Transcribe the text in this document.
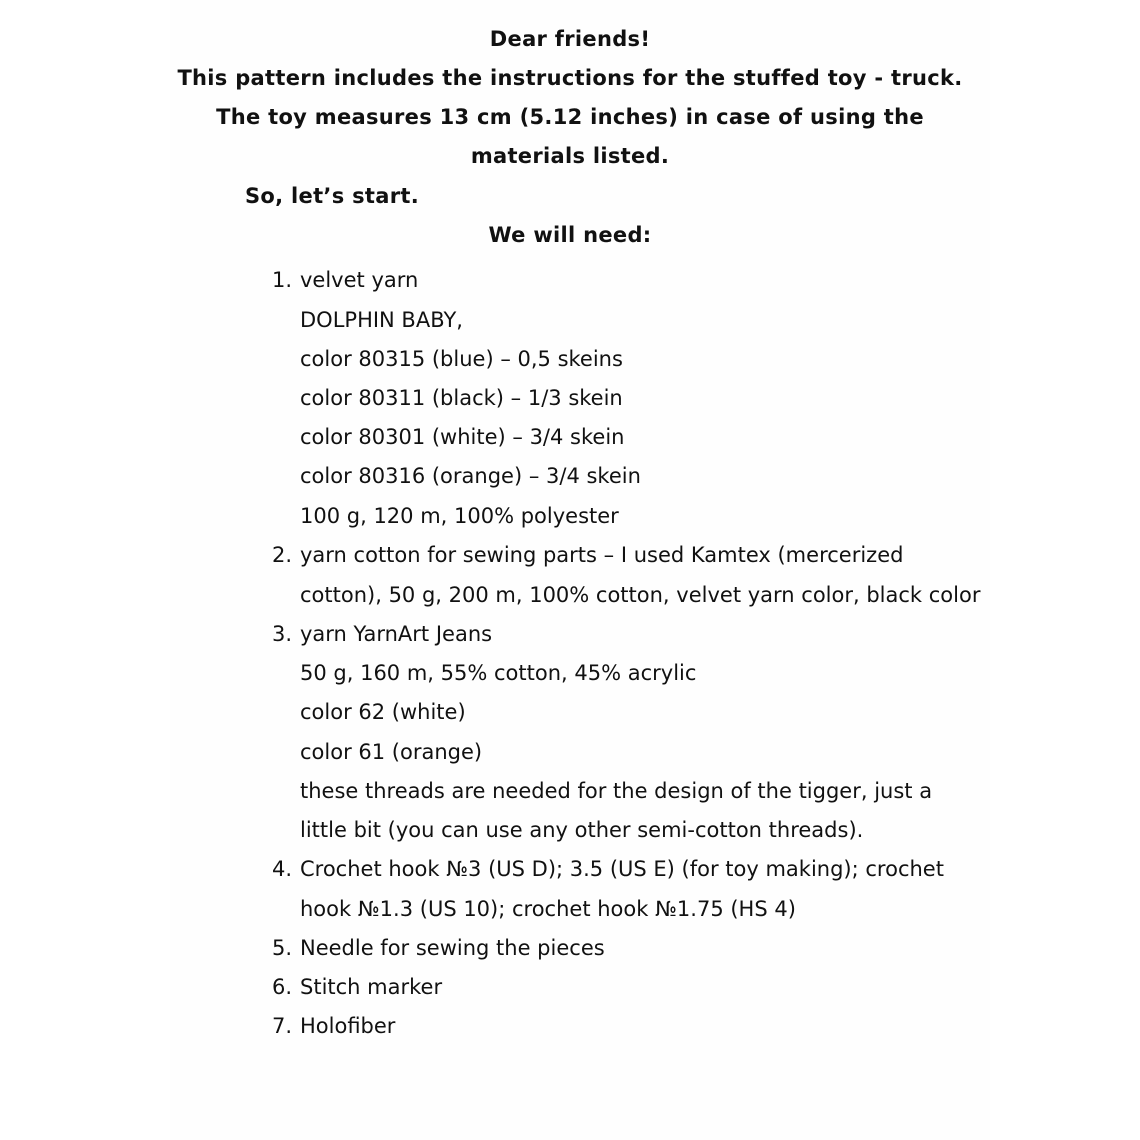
Dear friends!
This pattern includes the instructions for the stuffed toy - truck.
The toy measures 13 cm (5.12 inches) in case of using the
materials listed.
So, let’s start.
We will need:
1. velvet yarn
DOLPHIN BABY,
color 80315 (blue) – 0,5 skeins
color 80311 (black) – 1/3 skein
color 80301 (white) – 3/4 skein
color 80316 (orange) – 3/4 skein
100 g, 120 m, 100% polyester
2. yarn cotton for sewing parts – I used Kamtex (mercerized
cotton), 50 g, 200 m, 100% cotton, velvet yarn color, black color
3. yarn YarnArt Jeans
50 g, 160 m, 55% cotton, 45% acrylic
color 62 (white)
color 61 (orange)
these threads are needed for the design of the tigger, just a
little bit (you can use any other semi-cotton threads).
4. Crochet hook №3 (US D); 3.5 (US E) (for toy making); crochet
hook №1.3 (US 10); crochet hook №1.75 (HS 4)
5. Needle for sewing the pieces
6. Stitch marker
7. Holofiber
